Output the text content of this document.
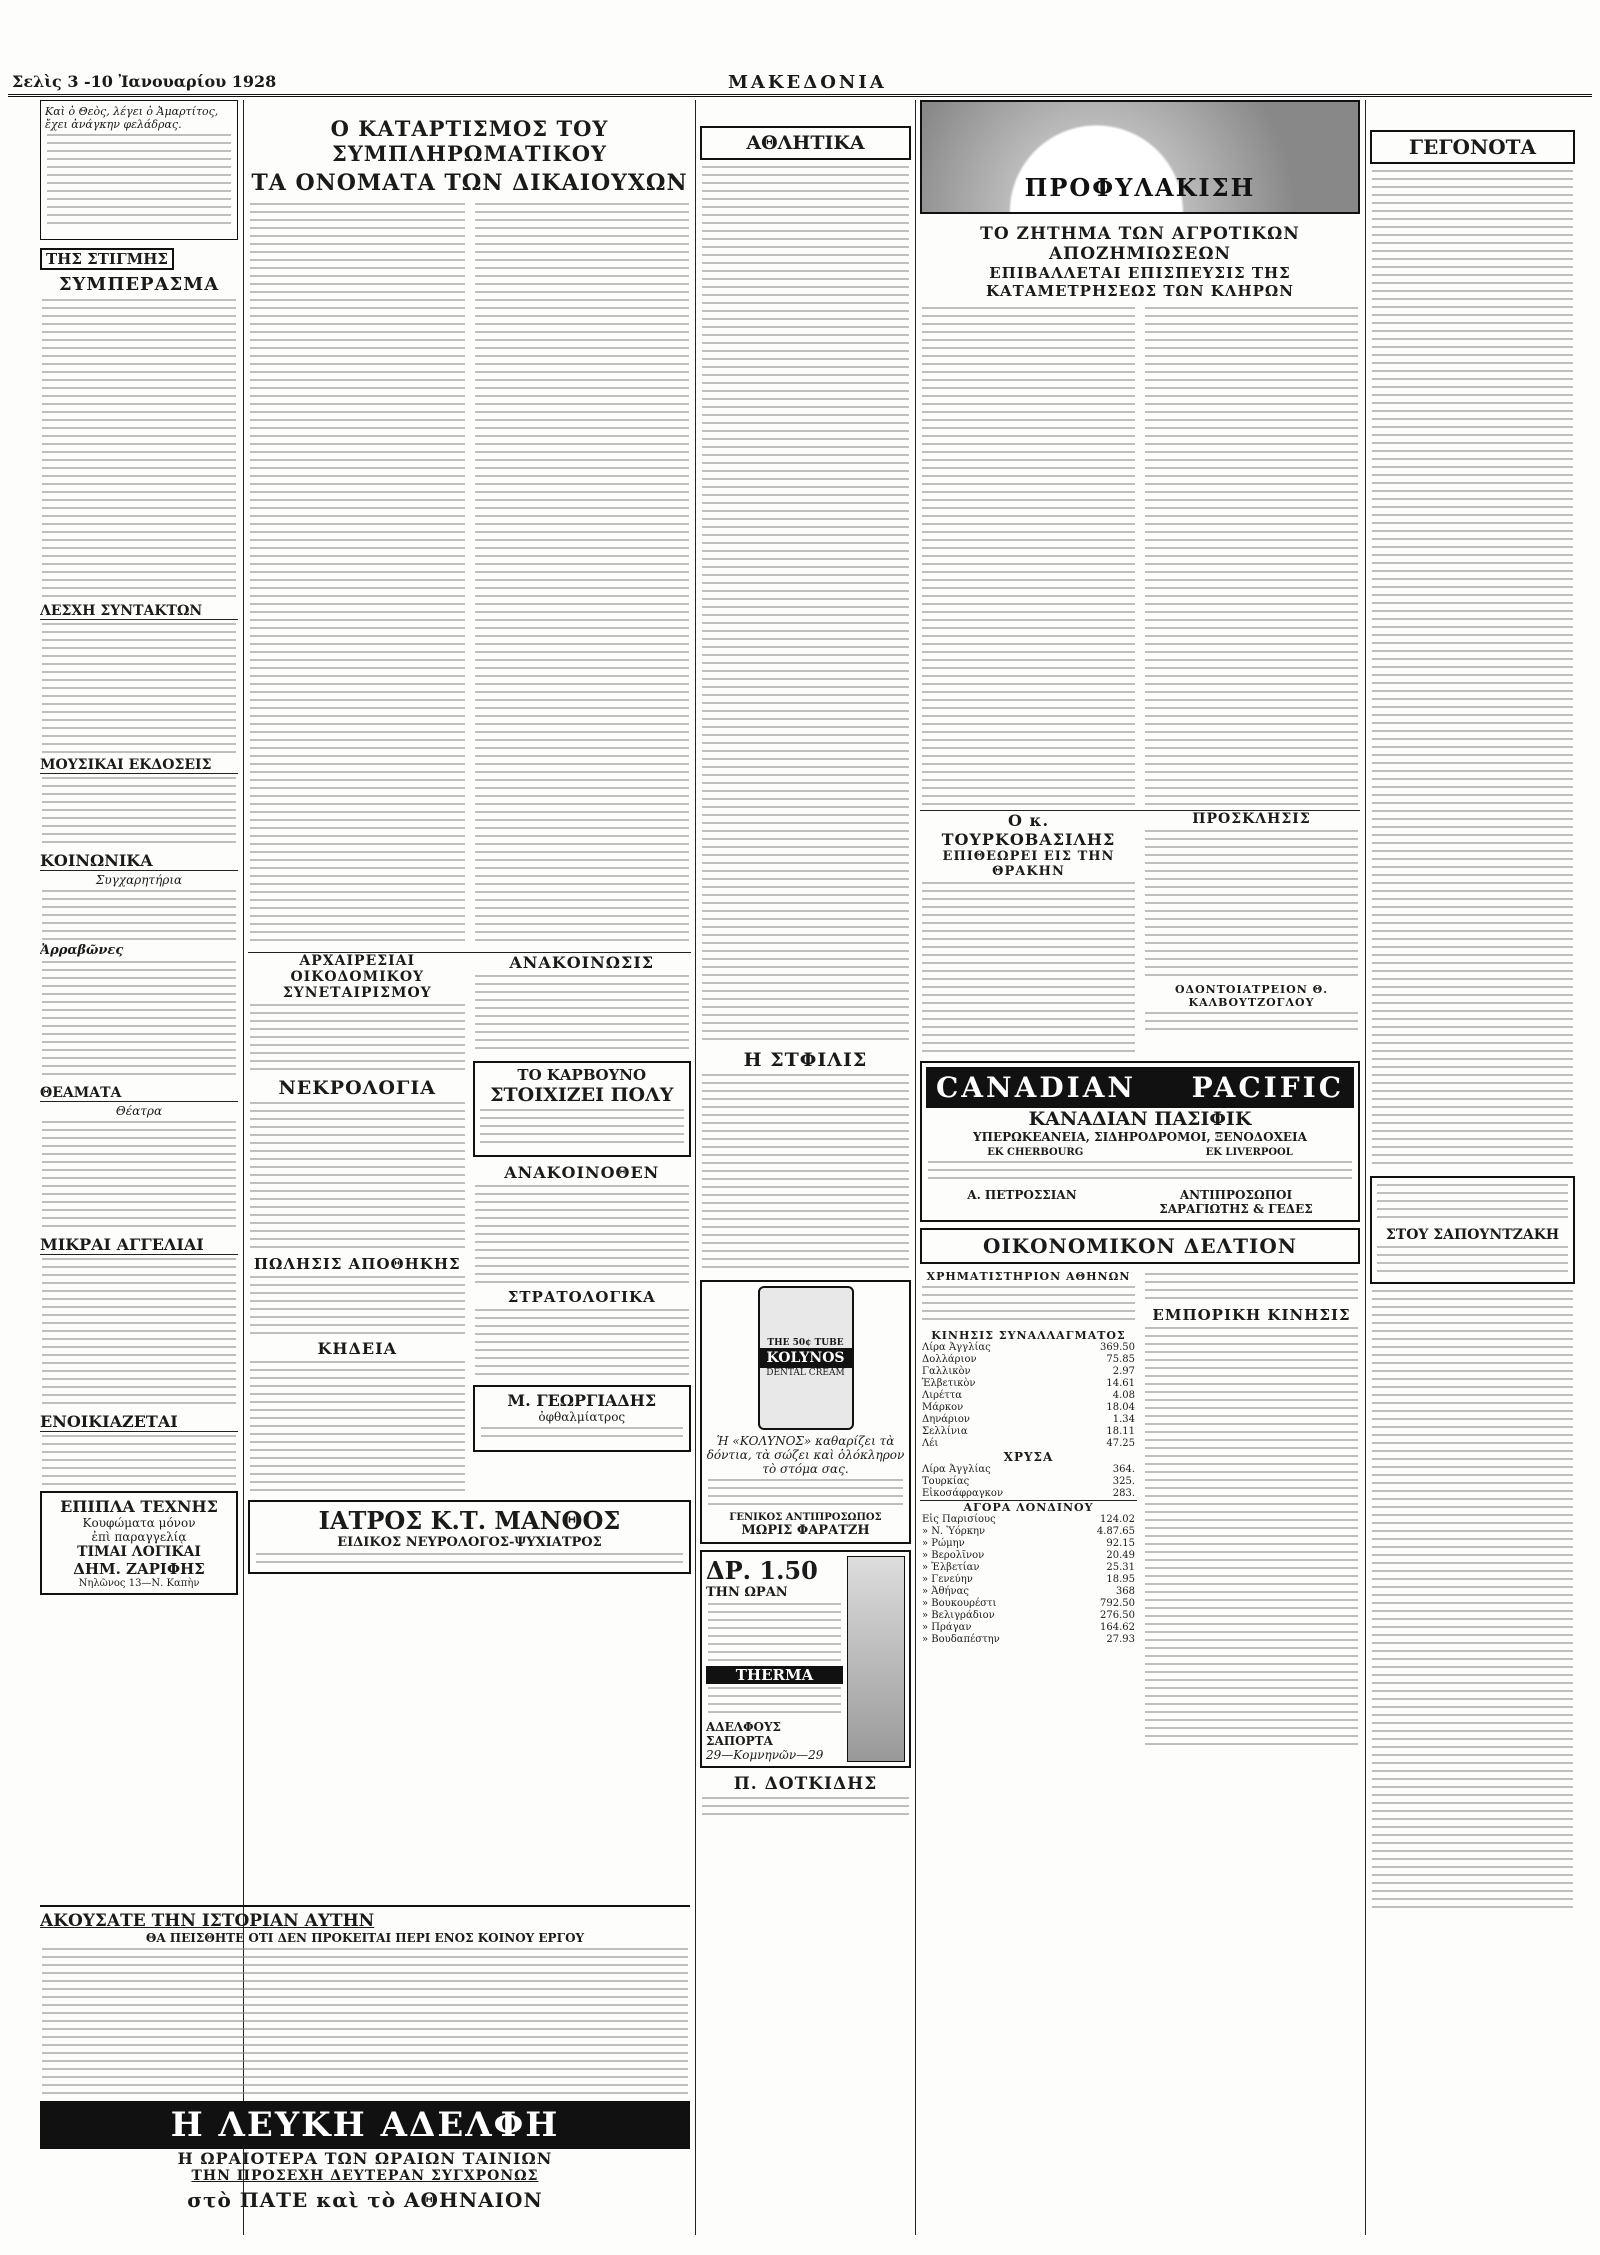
Σελὶς 3 -10 Ἰανουαρίου 1928	ΜΑΚΕΔΟΝΙΑ
Καὶ ὁ Θεὸς, λέγει ὁ Ἀμαρτίτος, ἔχει ἀνάγκην φελάδρας.
ΤΗΣ ΣΤΙΓΜΗΣ
ΣΥΜΠΕΡΑΣΜΑ
ΛΕΣΧΗ ΣΥΝΤΑΚΤΩΝ
ΜΟΥΣΙΚΑΙ ΕΚΔΟΣΕΙΣ
ΚΟΙΝΩΝΙΚΑ
Συγχαρητήρια
Ἀρραβῶνες
ΘΕΑΜΑΤΑ
Θέατρα
ΜΙΚΡΑΙ ΑΓΓΕΛΙΑΙ
ΕΝΟΙΚΙΑΖΕΤΑΙ
ΕΠΙΠΛΑ ΤΕΧΝΗΣ
Κουφώματα μόνον
ἐπὶ παραγγελίᾳ
ΤΙΜΑΙ ΛΟΓΙΚΑΙ
ΔΗΜ. ΖΑΡΙΦΗΣ
Νηλῶνος 13—Ν. Καπὴν
Ο ΚΑΤΑΡΤΙΣΜΟΣ ΤΟΥ ΣΥΜΠΛΗΡΩΜΑΤΙΚΟΥ
ΤΑ ΟΝΟΜΑΤΑ ΤΩΝ ΔΙΚΑΙΟΥΧΩΝ
ΑΡΧΑΙΡΕΣΙΑΙ ΟΙΚΟΔΟΜΙΚΟΥ ΣΥΝΕΤΑΙΡΙΣΜΟΥ
ΝΕΚΡΟΛΟΓΙΑ
ΠΩΛΗΣΙΣ ΑΠΟΘΗΚΗΣ
ΚΗΔΕΙΑ
ΑΝΑΚΟΙΝΩΣΙΣ
ΤΟ ΚΑΡΒΟΥΝΟ
ΣΤΟΙΧΙΖΕΙ ΠΟΛΥ
ΑΝΑΚΟΙΝΟΘΕΝ
ΣΤΡΑΤΟΛΟΓΙΚΑ
Μ. ΓΕΩΡΓΙΑΔΗΣ
ὀφθαλμίατρος
ΙΑΤΡΟΣ Κ.Τ. ΜΑΝΘΟΣ
ΕΙΔΙΚΟΣ ΝΕΥΡΟΛΟΓΟΣ-ΨΥΧΙΑΤΡΟΣ
ΑΘΛΗΤΙΚΑ
Η ΣΤΦΙΛΙΣ
THE 50¢ TUBE
KOLYNOS
DENTAL CREAM
Ἡ «ΚΟΛΥΝΟΣ» καθαρίζει τὰ δόντια, τὰ σώζει καὶ ὁλόκληρον τὸ στόμα σας.
ΓΕΝΙΚΟΣ ΑΝΤΙΠΡΟΣΩΠΟΣ
ΜΩΡΙΣ ΦΑΡΑΤΖΗ
ΔΡ. 1.50
ΤΗΝ ΩΡΑΝ
THERMA
ΑΔΕΛΦΟΥΣ ΣΑΠΟΡΤΑ
29—Κομνηνῶν—29
Π. ΔΟΤΚΙΔΗΣ
ΠΡΟΦΥΛΑΚΙΣΗ
ΤΟ ΖΗΤΗΜΑ ΤΩΝ ΑΓΡΟΤΙΚΩΝ ΑΠΟΖΗΜΙΩΣΕΩΝ
ΕΠΙΒΑΛΛΕΤΑΙ ΕΠΙΣΠΕΥΣΙΣ ΤΗΣ ΚΑΤΑΜΕΤΡΗΣΕΩΣ ΤΩΝ ΚΛΗΡΩΝ
Ο κ. ΤΟΥΡΚΟΒΑΣΙΛΗΣ
ΕΠΙΘΕΩΡΕΙ ΕΙΣ ΤΗΝ ΘΡΑΚΗΝ
ΠΡΟΣΚΛΗΣΙΣ
ΟΔΟΝΤΟΙΑΤΡΕΙΟΝ Θ. ΚΑΛΒΟΥΤΖΟΓΛΟΥ
CANADIAN PACIFIC
ΚΑΝΑΔΙΑΝ ΠΑΣΙΦΙΚ
ΥΠΕΡΩΚΕΑΝΕΙΑ, ΣΙΔΗΡΟΔΡΟΜΟΙ, ΞΕΝΟΔΟΧΕΙΑ
ΕΚ CHERBOURG	ΕΚ LIVERPOOL
Α. ΠΕΤΡΟΣΣΙΑΝ	ΑΝΤΙΠΡΟΣΩΠΟΙ
ΣΑΡΑΓΙΩΤΗΣ & ΓΕΔΕΣ
ΟΙΚΟΝΟΜΙΚΟΝ ΔΕΛΤΙΟΝ
ΧΡΗΜΑΤΙΣΤΗΡΙΟΝ ΑΘΗΝΩΝ
ΚΙΝΗΣΙΣ ΣΥΝΑΛΛΑΓΜΑΤΟΣ
Λίρα Ἀγγλίας	369.50
Δολλάριον	75.85
Γαλλικὸν	2.97
Ἑλβετικὸν	14.61
Λιρέττα	4.08
Μάρκον	18.04
Δηνάριον	1.34
Σελλίνια	18.11
Λέι	47.25
ΧΡΥΣΑ
Λίρα Ἀγγλίας	364.
Τουρκίας	325.
Εἰκοσάφραγκον	283.
ΑΓΟΡΑ ΛΟΝΔΙΝΟΥ
Εἰς Παρισίους	124.02
» Ν. Ὑόρκην	4.87.65
» Ρώμην	92.15
» Βερολῖνον	20.49
» Ἐλβετίαν	25.31
» Γενεύην	18.95
» Ἀθήνας	368
» Βουκουρέστι	792.50
» Βελιγράδιον	276.50
» Πράγαν	164.62
» Βουδαπέστην	27.93
ΕΜΠΟΡΙΚΗ ΚΙΝΗΣΙΣ
ΓΕΓΟΝΟΤΑ
ΣΤΟΥ ΣΑΠΟΥΝΤΖΑΚΗ
ΑΚΟΥΣΑΤΕ ΤΗΝ ΙΣΤΟΡΙΑΝ ΑΥΤΗΝ
ΘΑ ΠΕΙΣΘΗΤΕ ΟΤΙ ΔΕΝ ΠΡΟΚΕΙΤΑΙ ΠΕΡΙ ΕΝΟΣ ΚΟΙΝΟΥ ΕΡΓΟΥ
Η ΛΕΥΚΗ ΑΔΕΛΦΗ
Η ΩΡΑΙΟΤΕΡΑ ΤΩΝ ΩΡΑΙΩΝ ΤΑΙΝΙΩΝ
ΤΗΝ ΠΡΟΣΕΧΗ ΔΕΥΤΕΡΑΝ ΣΥΓΧΡΟΝΩΣ
στὸ ΠΑΤΕ καὶ τὸ ΑΘΗΝΑΙΟΝ
